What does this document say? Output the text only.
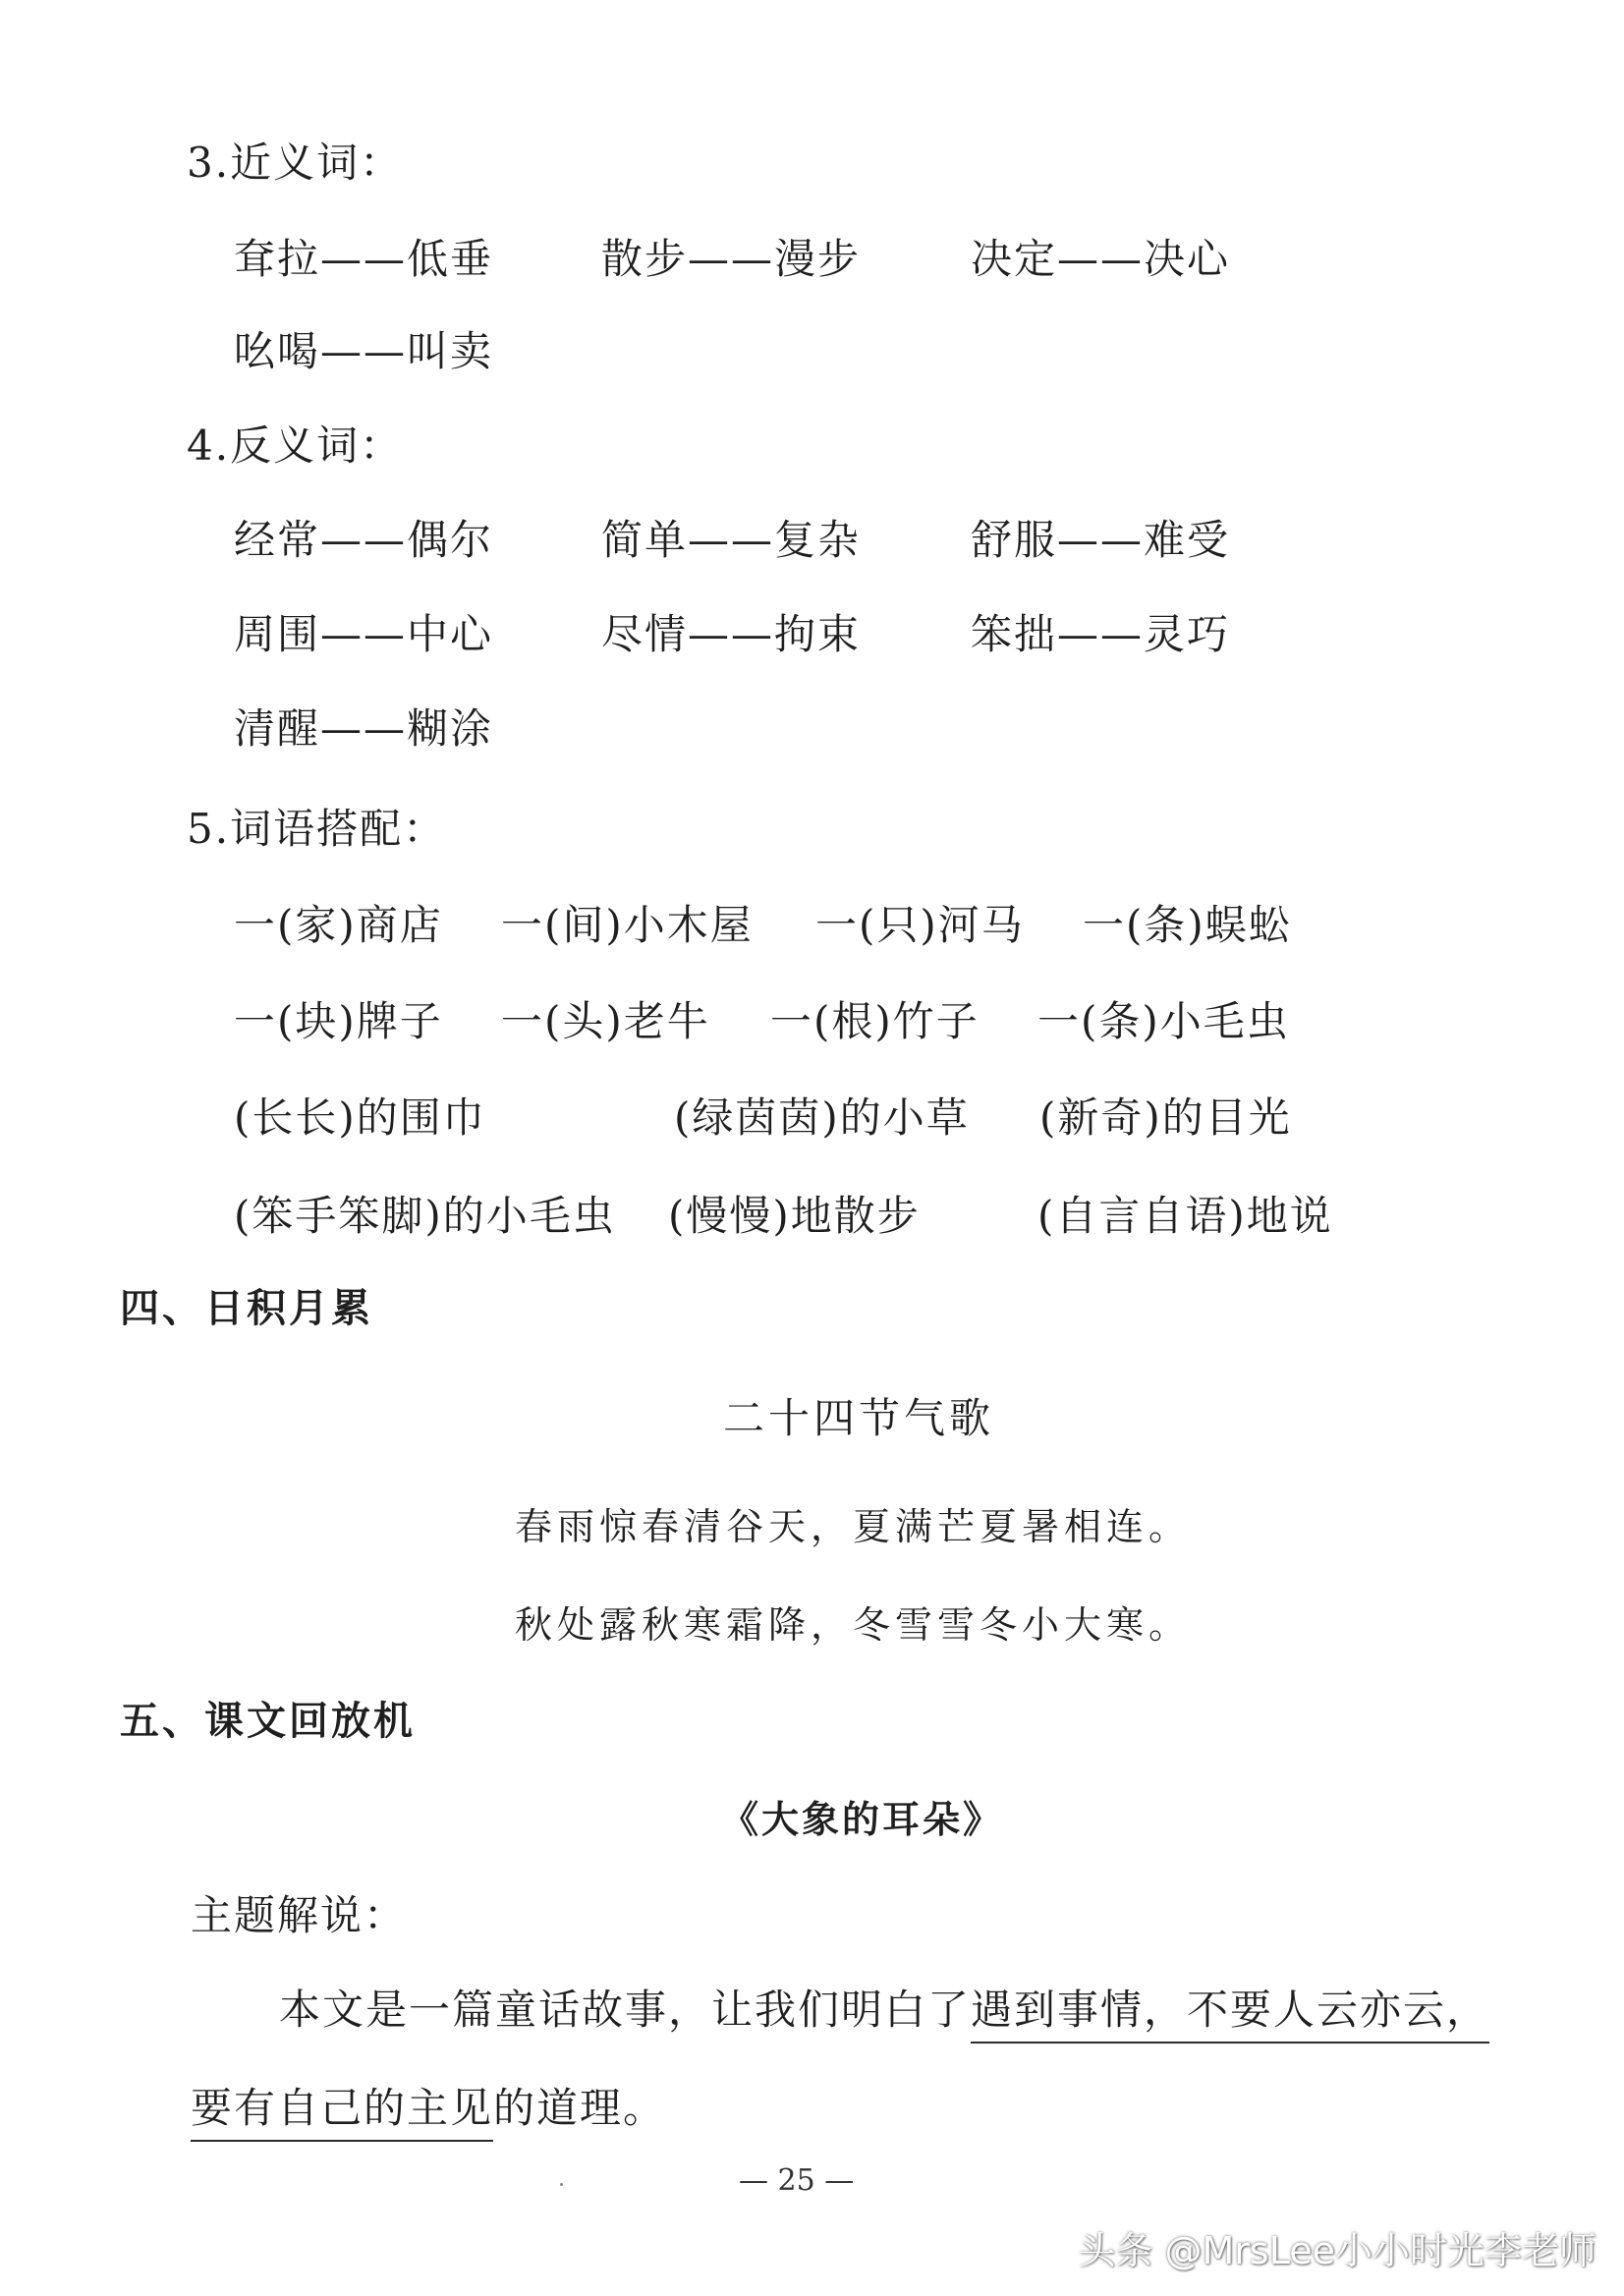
3.近义词：
耷拉——低垂	散步——漫步	决定——决心
吆喝——叫卖
4.反义词：
经常——偶尔	简单——复杂	舒服——难受
周围——中心	尽情——拘束	笨拙——灵巧
清醒——糊涂
5.词语搭配：
一(家)商店 一(间)小木屋 一(只)河马 一(条)蜈蚣
一(块)牌子 一(头)老牛 一(根)竹子 一(条)小毛虫
(长长)的围巾	(绿茵茵)的小草 (新奇)的目光
(笨手笨脚)的小毛虫 (慢慢)地散步	(自言自语)地说
四、日积月累
二十四节气歌
春雨惊春清谷天，夏满芒夏暑相连。
秋处露秋寒霜降，冬雪雪冬小大寒。
五、课文回放机
《大象的耳朵》
主题解说：
本文是一篇童话故事，让我们明白了遇到事情，不要人云亦云，
要有自己的主见的道理。
— 25 —
头条 @MrsLee小小时光李老师
